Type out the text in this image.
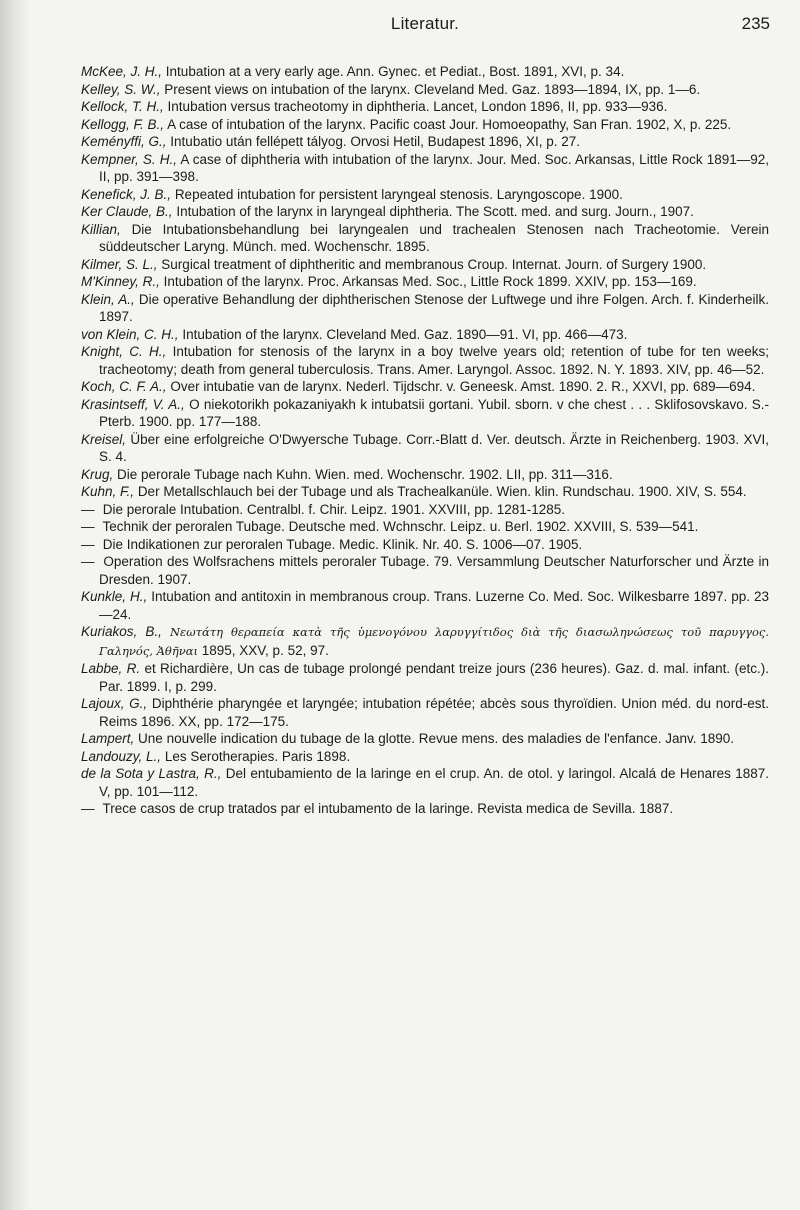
Literatur.	235

McKee, J. H., Intubation at a very early age. Ann. Gynec. et Pediat., Bost. 1891, XVI, p. 34.

Kelley, S. W., Present views on intubation of the larynx. Cleveland Med. Gaz. 1893—1894, IX, pp. 1—6.

Kellock, T. H., Intubation versus tracheotomy in diphtheria. Lancet, London 1896, II, pp. 933—936.

Kellogg, F. B., A case of intubation of the larynx. Pacific coast Jour. Homoeopathy, San Fran. 1902, X, p. 225.

Keményffi, G., Intubatio után fellépett tályog. Orvosi Hetil, Budapest 1896, XI, p. 27.

Kempner, S. H., A case of diphtheria with intubation of the larynx. Jour. Med. Soc. Arkansas, Little Rock 1891—92, II, pp. 391—398.

Kenefick, J. B., Repeated intubation for persistent laryngeal stenosis. Laryngoscope. 1900.

Ker Claude, B., Intubation of the larynx in laryngeal diphtheria. The Scott. med. and surg. Journ., 1907.

Killian, Die Intubationsbehandlung bei laryngealen und trachealen Stenosen nach Tracheotomie. Verein süddeutscher Laryng. Münch. med. Wochenschr. 1895.

Kilmer, S. L., Surgical treatment of diphtheritic and membranous Croup. Internat. Journ. of Surgery 1900.

M'Kinney, R., Intubation of the larynx. Proc. Arkansas Med. Soc., Little Rock 1899. XXIV, pp. 153—169.

Klein, A., Die operative Behandlung der diphtherischen Stenose der Luftwege und ihre Folgen. Arch. f. Kinderheilk. 1897.

von Klein, C. H., Intubation of the larynx. Cleveland Med. Gaz. 1890—91. VI, pp. 466—473.

Knight, C. H., Intubation for stenosis of the larynx in a boy twelve years old; retention of tube for ten weeks; tracheotomy; death from general tuberculosis. Trans. Amer. Laryngol. Assoc. 1892. N. Y. 1893. XIV, pp. 46—52.

Koch, C. F. A., Over intubatie van de larynx. Nederl. Tijdschr. v. Geneesk. Amst. 1890. 2. R., XXVI, pp. 689—694.

Krasintseff, V. A., O niekotorikh pokazaniyakh k intubatsii gortani. Yubil. sborn. v che chest . . . Sklifosovskavo. S.-Pterb. 1900. pp. 177—188.

Kreisel, Über eine erfolgreiche O'Dwyersche Tubage. Corr.-Blatt d. Ver. deutsch. Ärzte in Reichenberg. 1903. XVI, S. 4.

Krug, Die perorale Tubage nach Kuhn. Wien. med. Wochenschr. 1902. LII, pp. 311—316.

Kuhn, F., Der Metallschlauch bei der Tubage und als Trachealkanüle. Wien. klin. Rundschau. 1900. XIV, S. 554.

— Die perorale Intubation. Centralbl. f. Chir. Leipz. 1901. XXVIII, pp. 1281-1285.

— Technik der peroralen Tubage. Deutsche med. Wchnschr. Leipz. u. Berl. 1902. XXVIII, S. 539—541.

— Die Indikationen zur peroralen Tubage. Medic. Klinik. Nr. 40. S. 1006—07. 1905.

— Operation des Wolfsrachens mittels peroraler Tubage. 79. Versammlung Deutscher Naturforscher und Ärzte in Dresden. 1907.

Kunkle, H., Intubation and antitoxin in membranous croup. Trans. Luzerne Co. Med. Soc. Wilkesbarre 1897. pp. 23—24.

Kuriakos, B., Νεωτάτη θεραπεία κατὰ τῆς ὑμενογόνου λαρυγγίτιδος διὰ τῆς διασωληνώσεως τοῦ παρυγγος. Γαληνός, Ἀθῆναι 1895, XXV, p. 52, 97.

Labbe, R. et Richardière, Un cas de tubage prolongé pendant treize jours (236 heures). Gaz. d. mal. infant. (etc.). Par. 1899. I, p. 299.

Lajoux, G., Diphthérie pharyngée et laryngée; intubation répétée; abcès sous thyroïdien. Union méd. du nord-est. Reims 1896. XX, pp. 172—175.

Lampert, Une nouvelle indication du tubage de la glotte. Revue mens. des maladies de l'enfance. Janv. 1890.

Landouzy, L., Les Serotherapies. Paris 1898.

de la Sota y Lastra, R., Del entubamiento de la laringe en el crup. An. de otol. y laringol. Alcalá de Henares 1887. V, pp. 101—112.

— Trece casos de crup tratados par el intubamento de la laringe. Revista medica de Sevilla. 1887.
